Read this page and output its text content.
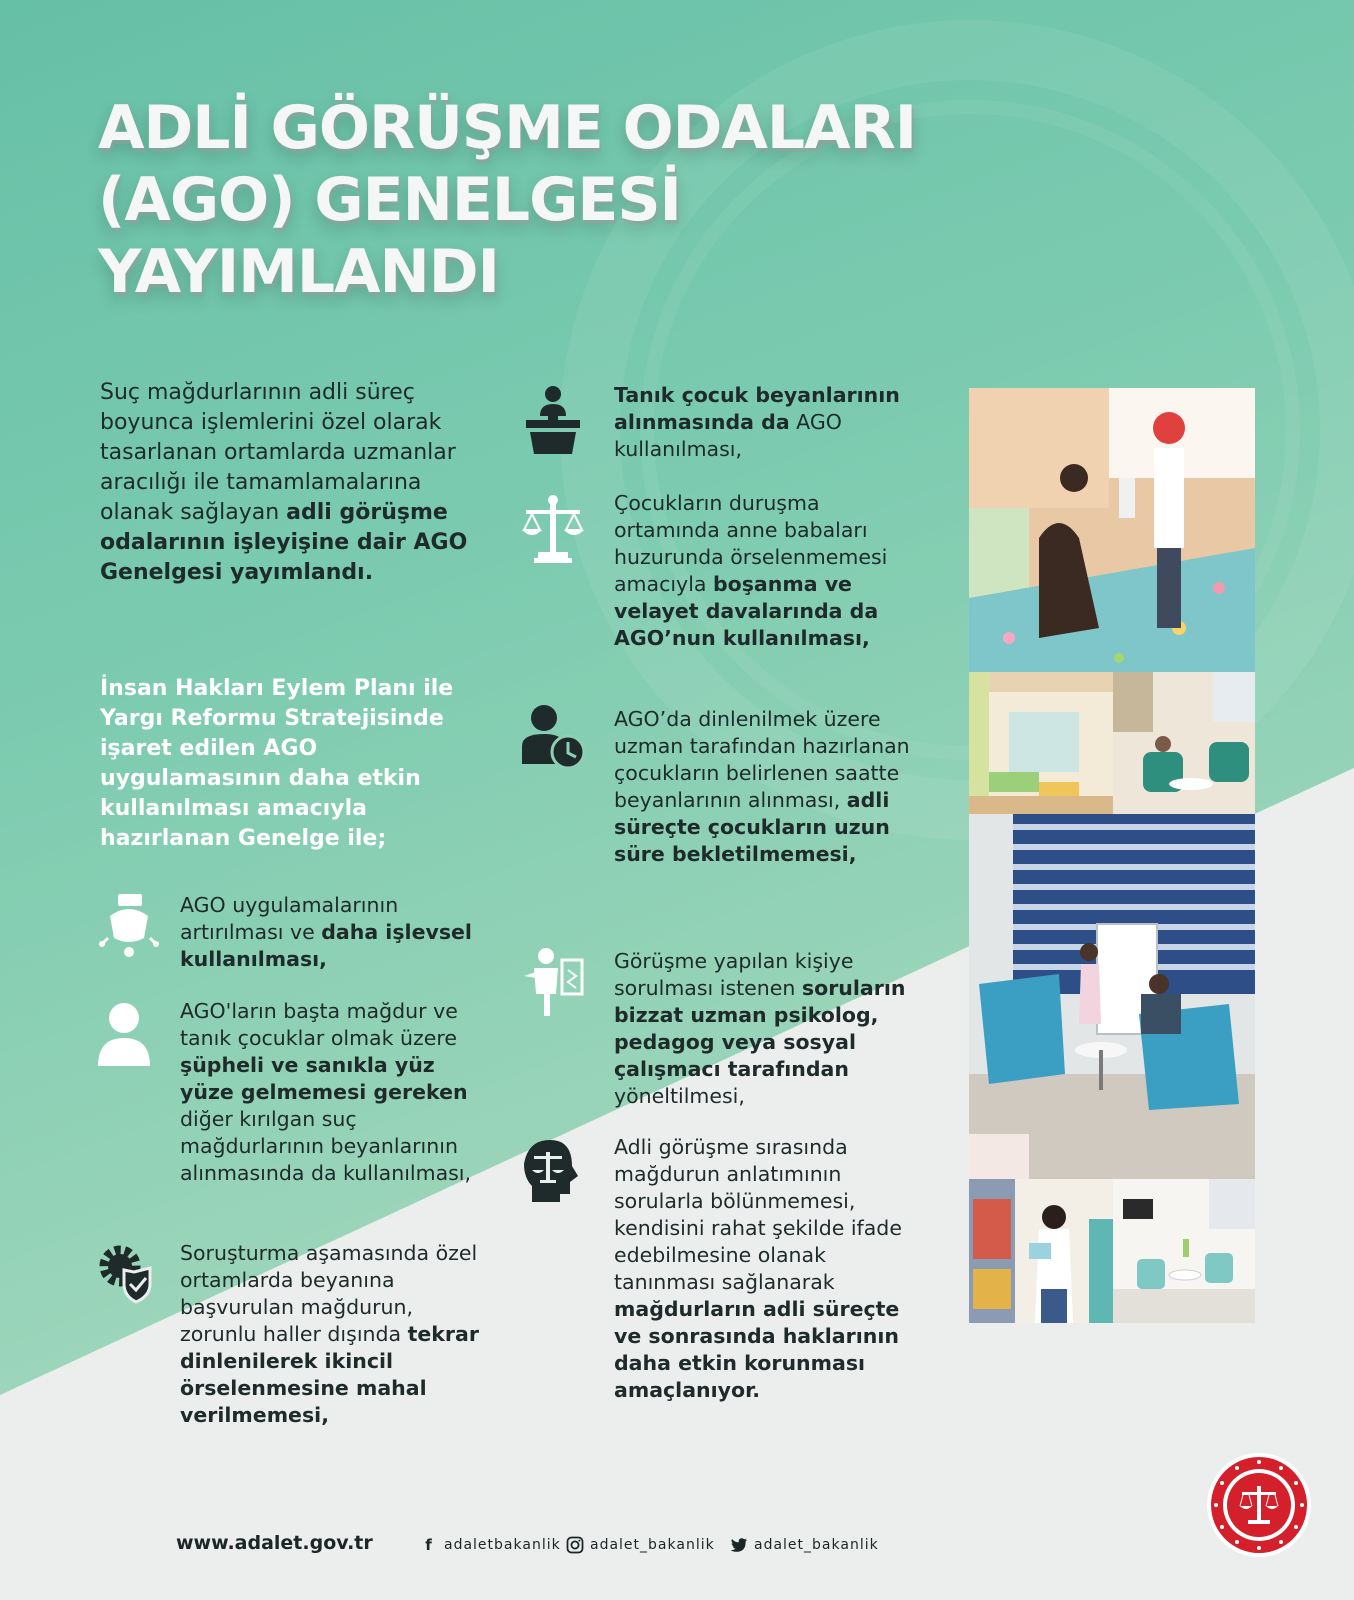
ADLİ GÖRÜŞME ODALARI
(AGO) GENELGESİ
YAYIMLANDI

Suç mağdurlarının adli süreç boyunca işlemlerini özel olarak tasarlanan ortamlarda uzmanlar aracılığı ile tamamlamalarına olanak sağlayan adli görüşme odalarının işleyişine dair AGO Genelgesi yayımlandı.

İnsan Hakları Eylem Planı ile Yargı Reformu Stratejisinde işaret edilen AGO uygulamasının daha etkin kullanılması amacıyla hazırlanan Genelge ile;

AGO uygulamalarının artırılması ve daha işlevsel kullanılması,

AGO'ların başta mağdur ve tanık çocuklar olmak üzere şüpheli ve sanıkla yüz yüze gelmemesi gereken diğer kırılgan suç mağdurlarının beyanlarının alınmasında da kullanılması,

Soruşturma aşamasında özel ortamlarda beyanına başvurulan mağdurun, zorunlu haller dışında tekrar dinlenilerek ikincil örselenmesine mahal verilmemesi,

Tanık çocuk beyanlarının alınmasında da AGO kullanılması,

Çocukların duruşma ortamında anne babaları huzurunda örselenmemesi amacıyla boşanma ve velayet davalarında da AGO’nun kullanılması,

AGO’da dinlenilmek üzere uzman tarafından hazırlanan çocukların belirlenen saatte beyanlarının alınması, adli süreçte çocukların uzun süre bekletilmemesi,

Görüşme yapılan kişiye sorulması istenen soruların bizzat uzman psikolog, pedagog veya sosyal çalışmacı tarafından yöneltilmesi,

Adli görüşme sırasında mağdurun anlatımının sorularla bölünmemesi, kendisini rahat şekilde ifade edebilmesine olanak tanınması sağlanarak mağdurların adli süreçte ve sonrasında haklarının daha etkin korunması amaçlanıyor.

www.adalet.gov.tr	f adaletbakanlik adalet_bakanlik	adalet_bakanlik
